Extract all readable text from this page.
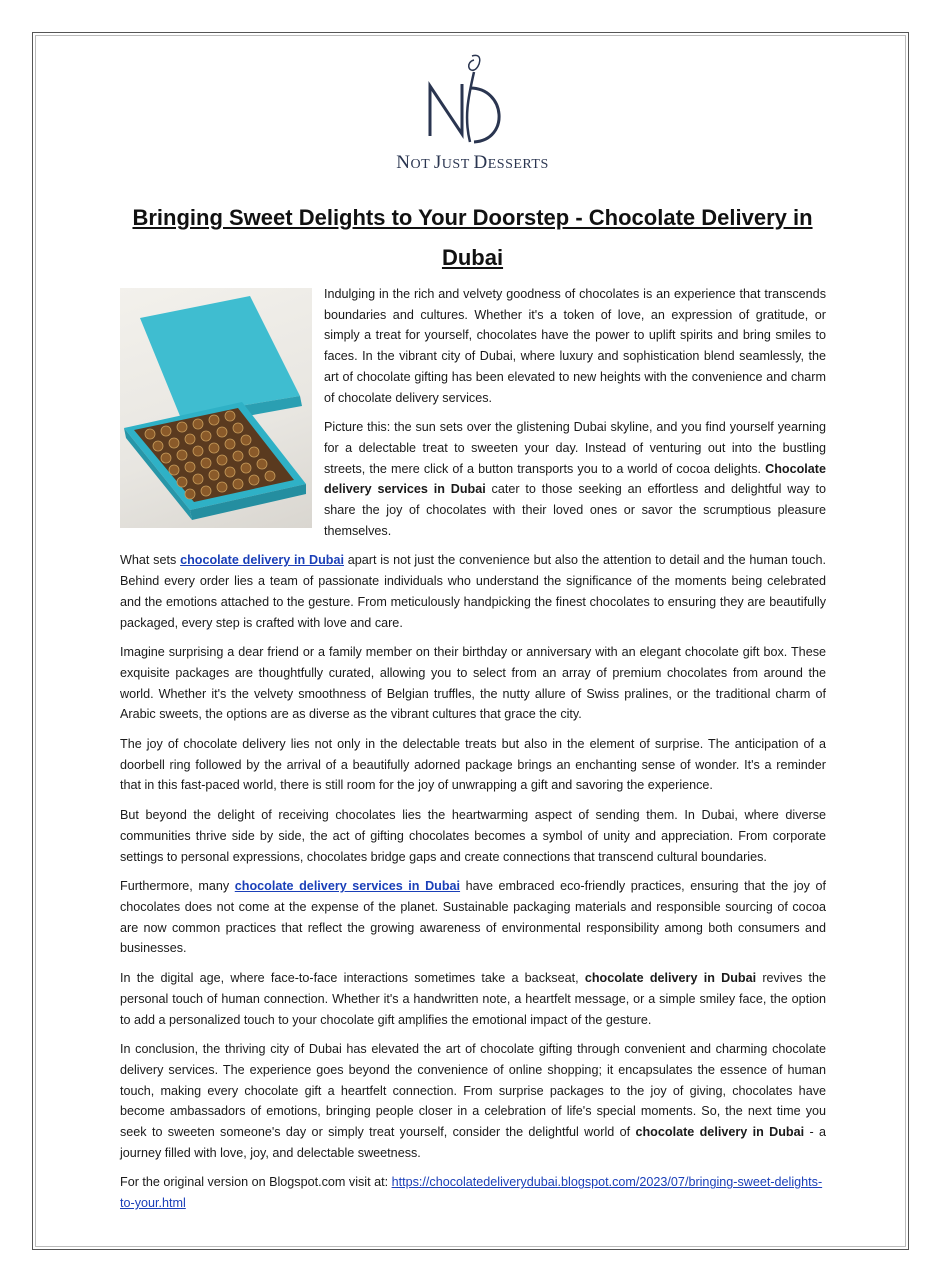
NOT JUST DESSERTS
Bringing Sweet Delights to Your Doorstep - Chocolate Delivery in Dubai

Indulging in the rich and velvety goodness of chocolates is an experience that transcends boundaries and cultures. Whether it's a token of love, an expression of gratitude, or simply a treat for yourself, chocolates have the power to uplift spirits and bring smiles to faces. In the vibrant city of Dubai, where luxury and sophistication blend seamlessly, the art of chocolate gifting has been elevated to new heights with the convenience and charm of chocolate delivery services.

Picture this: the sun sets over the glistening Dubai skyline, and you find yourself yearning for a delectable treat to sweeten your day. Instead of venturing out into the bustling streets, the mere click of a button transports you to a world of cocoa delights. Chocolate delivery services in Dubai cater to those seeking an effortless and delightful way to share the joy of chocolates with their loved ones or savor the scrumptious pleasure themselves.

What sets chocolate delivery in Dubai apart is not just the convenience but also the attention to detail and the human touch. Behind every order lies a team of passionate individuals who understand the significance of the moments being celebrated and the emotions attached to the gesture. From meticulously handpicking the finest chocolates to ensuring they are beautifully packaged, every step is crafted with love and care.

Imagine surprising a dear friend or a family member on their birthday or anniversary with an elegant chocolate gift box. These exquisite packages are thoughtfully curated, allowing you to select from an array of premium chocolates from around the world. Whether it's the velvety smoothness of Belgian truffles, the nutty allure of Swiss pralines, or the traditional charm of Arabic sweets, the options are as diverse as the vibrant cultures that grace the city.

The joy of chocolate delivery lies not only in the delectable treats but also in the element of surprise. The anticipation of a doorbell ring followed by the arrival of a beautifully adorned package brings an enchanting sense of wonder. It's a reminder that in this fast-paced world, there is still room for the joy of unwrapping a gift and savoring the experience.

But beyond the delight of receiving chocolates lies the heartwarming aspect of sending them. In Dubai, where diverse communities thrive side by side, the act of gifting chocolates becomes a symbol of unity and appreciation. From corporate settings to personal expressions, chocolates bridge gaps and create connections that transcend cultural boundaries.

Furthermore, many chocolate delivery services in Dubai have embraced eco-friendly practices, ensuring that the joy of chocolates does not come at the expense of the planet. Sustainable packaging materials and responsible sourcing of cocoa are now common practices that reflect the growing awareness of environmental responsibility among both consumers and businesses.

In the digital age, where face-to-face interactions sometimes take a backseat, chocolate delivery in Dubai revives the personal touch of human connection. Whether it's a handwritten note, a heartfelt message, or a simple smiley face, the option to add a personalized touch to your chocolate gift amplifies the emotional impact of the gesture.

In conclusion, the thriving city of Dubai has elevated the art of chocolate gifting through convenient and charming chocolate delivery services. The experience goes beyond the convenience of online shopping; it encapsulates the essence of human touch, making every chocolate gift a heartfelt connection. From surprise packages to the joy of giving, chocolates have become ambassadors of emotions, bringing people closer in a celebration of life's special moments. So, the next time you seek to sweeten someone's day or simply treat yourself, consider the delightful world of chocolate delivery in Dubai - a journey filled with love, joy, and delectable sweetness.

For the original version on Blogspot.com visit at: https://chocolatedeliverydubai.blogspot.com/2023/07/bringing-sweet-delights-to-your.html
